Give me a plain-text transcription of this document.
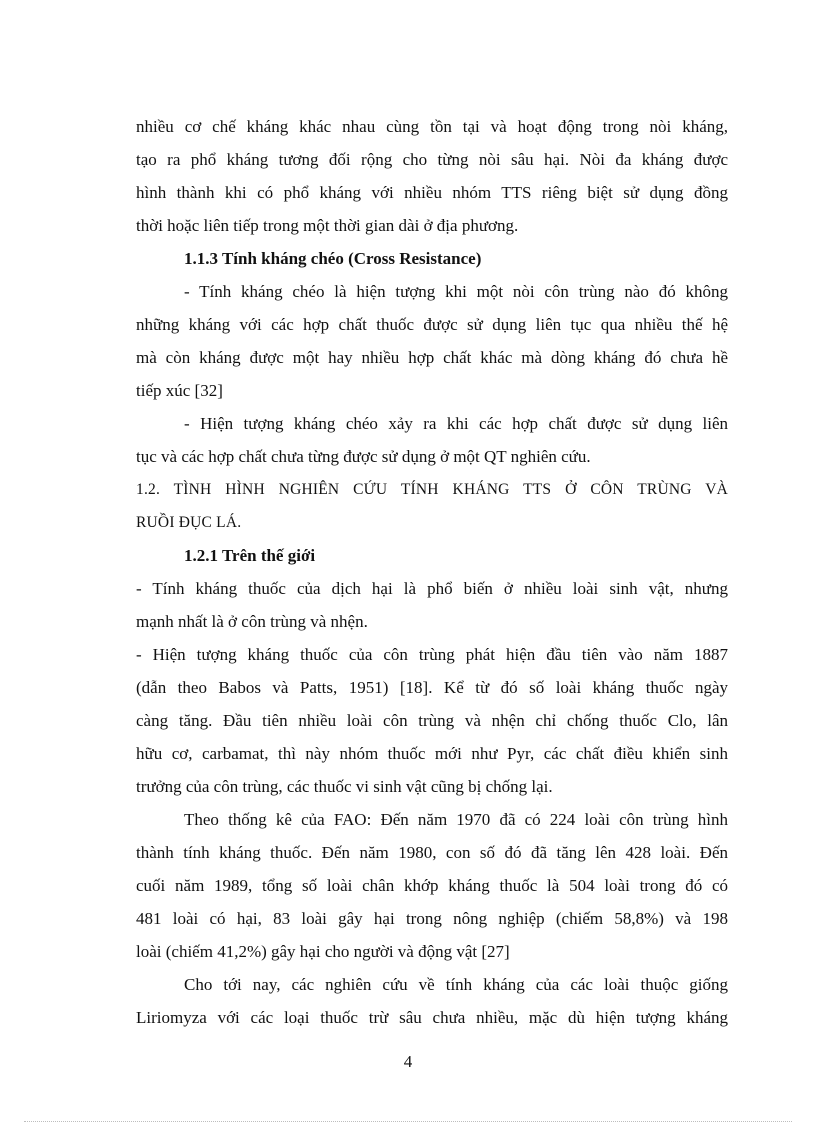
nhiều cơ chế kháng khác nhau cùng tồn tại và hoạt động trong nòi kháng,
tạo ra phổ kháng tương đối rộng cho từng nòi sâu hại. Nòi đa kháng được
hình thành khi có phổ kháng với nhiều nhóm TTS riêng biệt sử dụng đồng
thời hoặc liên tiếp trong một thời gian dài ở địa phương.
1.1.3 Tính kháng chéo (Cross Resistance)
- Tính kháng chéo là hiện tượng khi một nòi côn trùng nào đó không
những kháng với các hợp chất thuốc được sử dụng liên tục qua nhiều thế hệ
mà còn kháng được một hay nhiều hợp chất khác mà dòng kháng đó chưa hề
tiếp xúc [32]
- Hiện tượng kháng chéo xảy ra khi các hợp chất được sử dụng liên
tục và các hợp chất chưa từng được sử dụng ở một QT nghiên cứu.
1.2. TÌNH HÌNH NGHIÊN CỨU TÍNH KHÁNG TTS Ở CÔN TRÙNG VÀ
RUỒI ĐỤC LÁ.
1.2.1 Trên thế giới
- Tính kháng thuốc của dịch hại là phổ biến ở nhiều loài sinh vật, nhưng
mạnh nhất là ở côn trùng và nhện.
- Hiện tượng kháng thuốc của côn trùng phát hiện đầu tiên vào năm 1887
(dẫn theo Babos và Patts, 1951) [18]. Kể từ đó số loài kháng thuốc ngày
càng tăng. Đầu tiên nhiều loài côn trùng và nhện chỉ chống thuốc Clo, lân
hữu cơ, carbamat, thì này nhóm thuốc mới như Pyr, các chất điều khiển sinh
trưởng của côn trùng, các thuốc vi sinh vật cũng bị chống lại.
Theo thống kê của FAO: Đến năm 1970 đã có 224 loài côn trùng hình
thành tính kháng thuốc. Đến năm 1980, con số đó đã tăng lên 428 loài. Đến
cuối năm 1989, tổng số loài chân khớp kháng thuốc là 504 loài trong đó có
481 loài có hại, 83 loài gây hại trong nông nghiệp (chiếm 58,8%) và 198
loài (chiếm 41,2%) gây hại cho người và động vật [27]
Cho tới nay, các nghiên cứu về tính kháng của các loài thuộc giống
Liriomyza với các loại thuốc trừ sâu chưa nhiều, mặc dù hiện tượng kháng
4
